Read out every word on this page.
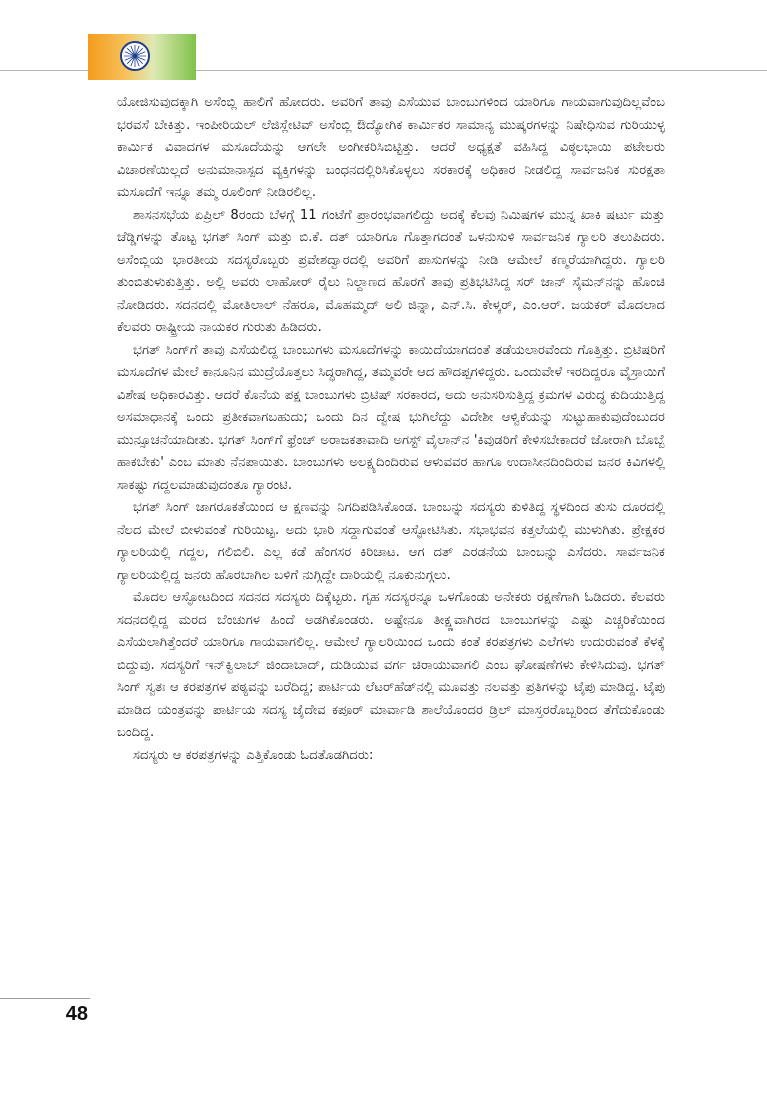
ಯೋಜಿಸುವುದಕ್ಕಾಗಿ ಅಸೆಂಬ್ಲಿ ಹಾಲಿಗೆ ಹೋದರು. ಅವರಿಗೆ ತಾವು ಎಸೆಯುವ ಬಾಂಬುಗಳಿಂದ ಯಾರಿಗೂ ಗಾಯವಾಗುವುದಿಲ್ಲವೆಂಬ ಭರವಸೆ ಬೇಕಿತ್ತು. ಇಂಪೀರಿಯಲ್ ಲೆಜಿಸ್ಲೇಟಿವ್ ಅಸೆಂಬ್ಲಿ ಔದ್ಯೋಗಿಕ ಕಾರ್ಮಿಕರ ಸಾಮಾನ್ಯ ಮುಷ್ಕರಗಳನ್ನು ನಿಷೇಧಿಸುವ ಗುರಿಯುಳ್ಳ ಕಾರ್ಮಿಕ ವಿವಾದಗಳ ಮಸೂದೆಯನ್ನು ಆಗಲೇ ಅಂಗೀಕರಿಸಿಬಿಟ್ಟಿತ್ತು. ಆದರೆ ಅಧ್ಯಕ್ಷತೆ ವಹಿಸಿದ್ದ ವಿಠ್ಠಲಭಾಯಿ ಪಟೇಲರು ವಿಚಾರಣೆಯಿಲ್ಲದೆ ಅನುಮಾನಾಸ್ಪದ ವ್ಯಕ್ತಿಗಳನ್ನು ಬಂಧನದಲ್ಲಿರಿಸಿಕೊಳ್ಳಲು ಸರಕಾರಕ್ಕೆ ಅಧಿಕಾರ ನೀಡಲಿದ್ದ ಸಾರ್ವಜನಿಕ ಸುರಕ್ಷತಾ ಮಸೂದೆಗೆ ಇನ್ನೂ ತಮ್ಮ ರೂಲಿಂಗ್ ನೀಡಿರಲಿಲ್ಲ.

ಶಾಸನಸಭೆಯ ಏಪ್ರಿಲ್ 8ರಂದು ಬೆಳಗ್ಗೆ 11 ಗಂಟೆಗೆ ಪ್ರಾರಂಭವಾಗಲಿದ್ದು ಅದಕ್ಕೆ ಕೆಲವು ನಿಮಿಷಗಳ ಮುನ್ನ ಖಾಕಿ ಷರ್ಟು ಮತ್ತು ಚೆಡ್ಡಿಗಳನ್ನು ತೊಟ್ಟ ಭಗತ್ ಸಿಂಗ್ ಮತ್ತು ಬಿ.ಕೆ. ದತ್ ಯಾರಿಗೂ ಗೊತ್ತಾಗದಂತೆ ಒಳನುಸುಳಿ ಸಾರ್ವಜನಿಕ ಗ್ಯಾಲರಿ ತಲುಪಿದರು. ಅಸೆಂಬ್ಲಿಯ ಭಾರತೀಯ ಸದಸ್ಯರೊಬ್ಬರು ಪ್ರವೇಶದ್ವಾರದಲ್ಲಿ ಅವರಿಗೆ ಪಾಸುಗಳನ್ನು ನೀಡಿ ಆಮೇಲೆ ಕಣ್ಮರೆಯಾಗಿದ್ದರು. ಗ್ಯಾಲರಿ ತುಂಬಿತುಳುಕುತ್ತಿತ್ತು. ಅಲ್ಲಿ ಅವರು ಲಾಹೋರ್ ರೈಲು ನಿಲ್ದಾಣದ ಹೊರಗೆ ತಾವು ಪ್ರತಿಭಟಿಸಿದ್ದ ಸರ್ ಜಾನ್ ಸೈಮನ್‌ನನ್ನು ಹೊಂಚಿ ನೋಡಿದರು. ಸದನದಲ್ಲಿ ಮೋತಿಲಾಲ್ ನೆಹರೂ, ಮೊಹಮ್ಮದ್ ಅಲಿ ಜಿನ್ನಾ, ಎನ್.ಸಿ. ಕೇಳ್ಕರ್, ಎಂ.ಆರ್. ಜಯಕರ್ ಮೊದಲಾದ ಕೆಲವರು ರಾಷ್ಟ್ರೀಯ ನಾಯಕರ ಗುರುತು ಹಿಡಿದರು.

ಭಗತ್ ಸಿಂಗ್‌ಗೆ ತಾವು ಎಸೆಯಲಿದ್ದ ಬಾಂಬುಗಳು ಮಸೂದೆಗಳನ್ನು ಕಾಯಿದೆಯಾಗದಂತೆ ತಡೆಯಲಾರವೆಂದು ಗೊತ್ತಿತ್ತು. ಬ್ರಿಟಿಷರಿಗೆ ಮಸೂದೆಗಳ ಮೇಲೆ ಕಾನೂನಿನ ಮುದ್ರೆಯೊತ್ತಲು ಸಿದ್ಧರಾಗಿದ್ದ, ತಮ್ಮವರೇ ಆದ ಹೌದಪ್ಪಗಳಿದ್ದರು. ಒಂದುವೇಳೆ ಇರದಿದ್ದರೂ ವೈಸ್ರಾಯಿಗೆ ವಿಶೇಷ ಅಧಿಕಾರವಿತ್ತು. ಆದರೆ ಕೊನೆಯ ಪಕ್ಷ ಬಾಂಬುಗಳು ಬ್ರಿಟಿಷ್ ಸರಕಾರದ, ಅದು ಅನುಸರಿಸುತ್ತಿದ್ದ ಕ್ರಮಗಳ ವಿರುದ್ಧ ಕುದಿಯುತ್ತಿದ್ದ ಅಸಮಾಧಾನಕ್ಕೆ ಒಂದು ಪ್ರತೀಕವಾಗಬಹುದು; ಒಂದು ದಿನ ದ್ವೇಷ ಭುಗಿಲೆದ್ದು ವಿದೇಶೀ ಆಳ್ವಿಕೆಯನ್ನು ಸುಟ್ಟುಹಾಕುವುದೆಂಬುದರ ಮುನ್ಸೂಚನೆಯಾದೀತು. ಭಗತ್ ಸಿಂಗ್‌ಗೆ ಫ್ರೆಂಚ್ ಅರಾಜಕತಾವಾದಿ ಅಗಸ್ಟ್ ವೈಲಾನ್‌ನ 'ಕಿವುಡರಿಗೆ ಕೇಳಿಸಬೇಕಾದರೆ ಜೋರಾಗಿ ಬೊಬ್ಬೆ ಹಾಕಬೇಕು' ಎಂಬ ಮಾತು ನೆನಪಾಯಿತು. ಬಾಂಬುಗಳು ಅಲಕ್ಷ್ಯದಿಂದಿರುವ ಆಳುವವರ ಹಾಗೂ ಉದಾಸೀನದಿಂದಿರುವ ಜನರ ಕಿವಿಗಳಲ್ಲಿ ಸಾಕಷ್ಟು ಗದ್ದಲಮಾಡುವುದಂತೂ ಗ್ಯಾರಂಟಿ.

ಭಗತ್ ಸಿಂಗ್ ಜಾಗರೂಕತೆಯಿಂದ ಆ ಕ್ಷಣವನ್ನು ನಿಗದಿಪಡಿಸಿಕೊಂಡ. ಬಾಂಬನ್ನು ಸದಸ್ಯರು ಕುಳಿತಿದ್ದ ಸ್ಥಳದಿಂದ ತುಸು ದೂರದಲ್ಲಿ ನೆಲದ ಮೇಲೆ ಬೀಳುವಂತೆ ಗುರಿಯಿಟ್ಟ. ಅದು ಭಾರಿ ಸದ್ದಾಗುವಂತೆ ಆಸ್ಫೋಟಿಸಿತು. ಸಭಾಭವನ ಕತ್ತಲೆಯಲ್ಲಿ ಮುಳುಗಿತು. ಪ್ರೇಕ್ಷಕರ ಗ್ಯಾಲರಿಯಲ್ಲಿ ಗದ್ದಲ, ಗಲಿಬಿಲಿ. ಎಲ್ಲ ಕಡೆ ಹೆಂಗಸರ ಕಿರಿಚಾಟ. ಆಗ ದತ್ ಎರಡನೆಯ ಬಾಂಬನ್ನು ಎಸೆದರು. ಸಾರ್ವಜನಿಕ ಗ್ಯಾಲರಿಯಲ್ಲಿದ್ದ ಜನರು ಹೊರಬಾಗಿಲ ಬಳಿಗೆ ನುಗ್ಗಿದ್ದೇ ದಾರಿಯಲ್ಲಿ ನೂಕುನುಗ್ಗಲು.

ಮೊದಲ ಆಸ್ಫೋಟದಿಂದ ಸದನದ ಸದಸ್ಯರು ದಿಕ್ಕೆಟ್ಟರು. ಗೃಹ ಸದಸ್ಯರನ್ನೂ ಒಳಗೊಂಡು ಅನೇಕರು ರಕ್ಷಣೆಗಾಗಿ ಓಡಿದರು. ಕೆಲವರು ಸದನದಲ್ಲಿದ್ದ ಮರದ ಬೆಂಚುಗಳ ಹಿಂದೆ ಅಡಗಿಕೊಂಡರು. ಅಷ್ಟೇನೂ ತೀಕ್ಷ್ಣವಾಗಿರದ ಬಾಂಬುಗಳನ್ನು ಎಷ್ಟು ಎಚ್ಚರಿಕೆಯಿಂದ ಎಸೆಯಲಾಗಿತ್ತೆಂದರೆ ಯಾರಿಗೂ ಗಾಯವಾಗಲಿಲ್ಲ. ಆಮೇಲೆ ಗ್ಯಾಲರಿಯಿಂದ ಒಂದು ಕಂತೆ ಕರಪತ್ರಗಳು ಎಲೆಗಳು ಉದುರುವಂತೆ ಕೆಳಕ್ಕೆ ಬಿದ್ದುವು. ಸದಸ್ಯರಿಗೆ ಇನ್‌ಕ್ವಿಲಾಬ್ ಜಿಂದಾಬಾದ್, ದುಡಿಯುವ ವರ್ಗ ಚಿರಾಯುವಾಗಲಿ ಎಂಬ ಘೋಷಣೆಗಳು ಕೇಳಿಸಿದುವು. ಭಗತ್ ಸಿಂಗ್ ಸ್ವತಃ ಆ ಕರಪತ್ರಗಳ ಪಠ್ಯವನ್ನು ಬರೆದಿದ್ದ; ಪಾರ್ಟಿಯ ಲೆಟರ್‌ಹೆಡ್‌ನಲ್ಲಿ ಮೂವತ್ತು ನಲವತ್ತು ಪ್ರತಿಗಳನ್ನು ಟೈಪು ಮಾಡಿದ್ದ. ಟೈಪು ಮಾಡಿದ ಯಂತ್ರವನ್ನು ಪಾರ್ಟಿಯ ಸದಸ್ಯ ಜೈದೇವ ಕಪೂರ್ ಮಾರ್ವಾಡಿ ಶಾಲೆಯೊಂದರ ಡ್ರಿಲ್ ಮಾಸ್ತರರೊಬ್ಬರಿಂದ ತೆಗೆದುಕೊಂಡು ಬಂದಿದ್ದ.

ಸದಸ್ಯರು ಆ ಕರಪತ್ರಗಳನ್ನು ಎತ್ತಿಕೊಂಡು ಓದತೊಡಗಿದರು:

48
